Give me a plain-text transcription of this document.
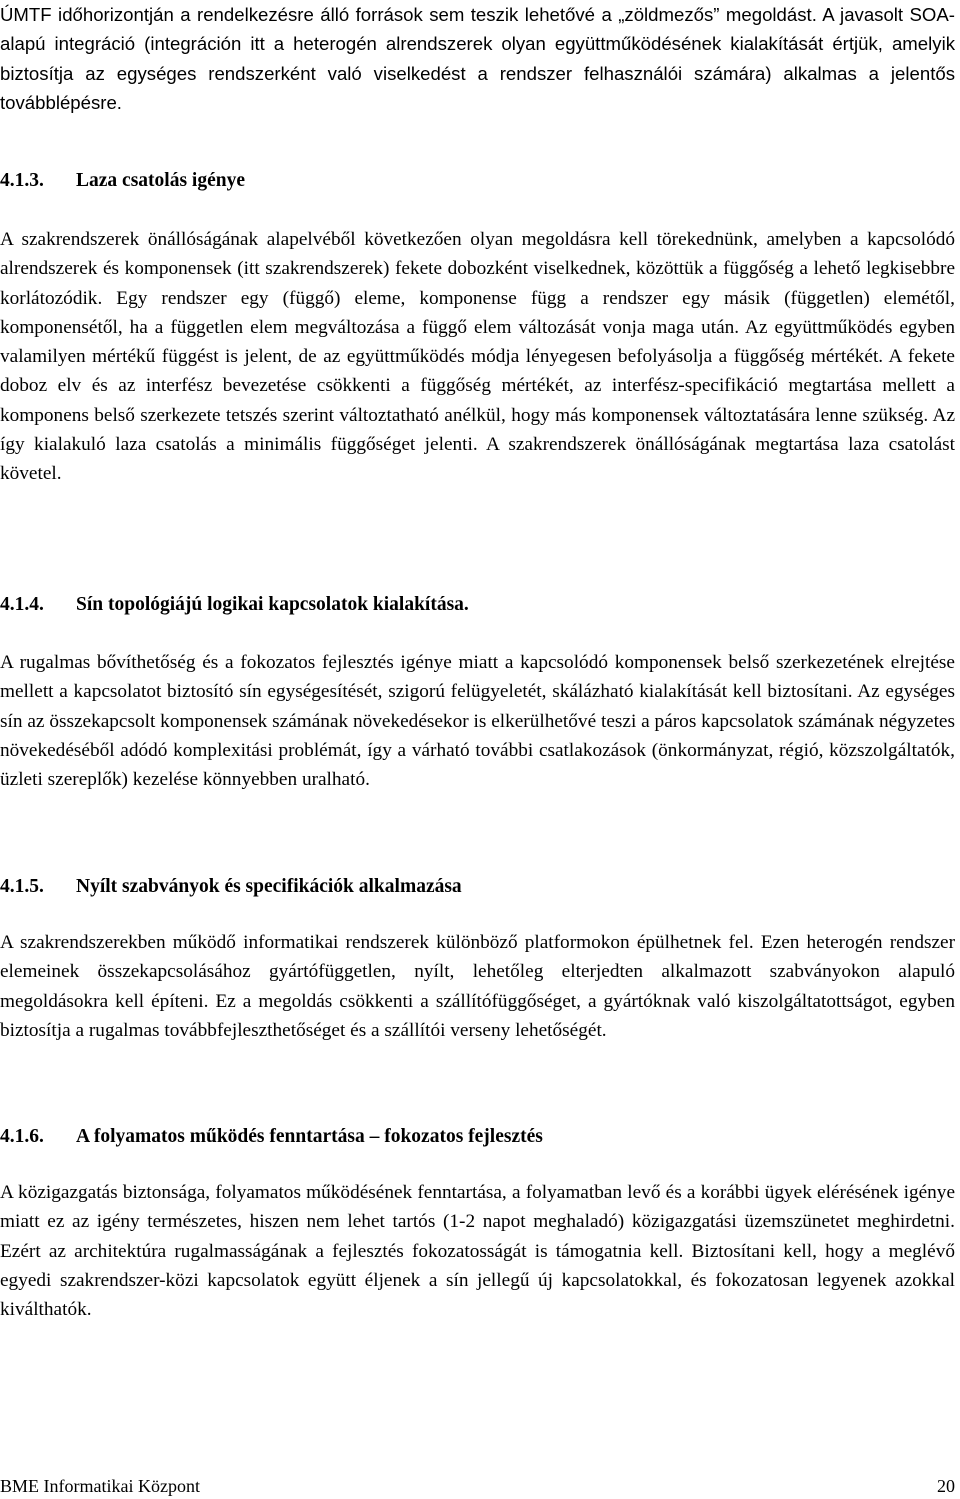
ÚMTF időhorizontján a rendelkezésre álló források sem teszik lehetővé a „zöldmezős” megoldást. A javasolt SOA-alapú integráció (integráción itt a heterogén alrendszerek olyan együttműködésének kialakítását értjük, amelyik biztosítja az egységes rendszerként való viselkedést a rendszer felhasználói számára) alkalmas a jelentős továbblépésre.

4.1.3. Laza csatolás igénye

A szakrendszerek önállóságának alapelvéből következően olyan megoldásra kell törekednünk, amelyben a kapcsolódó alrendszerek és komponensek (itt szakrendszerek) fekete dobozként viselkednek, közöttük a függőség a lehető legkisebbre korlátozódik. Egy rendszer egy (függő) eleme, komponense függ a rendszer egy másik (független) elemétől, komponensétől, ha a független elem megváltozása a függő elem változását vonja maga után. Az együttműködés egyben valamilyen mértékű függést is jelent, de az együttműködés módja lényegesen befolyásolja a függőség mértékét. A fekete doboz elv és az interfész bevezetése csökkenti a függőség mértékét, az interfész-specifikáció megtartása mellett a komponens belső szerkezete tetszés szerint változtatható anélkül, hogy más komponensek változtatására lenne szükség. Az így kialakuló laza csatolás a minimális függőséget jelenti. A szakrendszerek önállóságának megtartása laza csatolást követel.

4.1.4. Sín topológiájú logikai kapcsolatok kialakítása.

A rugalmas bővíthetőség és a fokozatos fejlesztés igénye miatt a kapcsolódó komponensek belső szerkezetének elrejtése mellett a kapcsolatot biztosító sín egységesítését, szigorú felügyeletét, skálázható kialakítását kell biztosítani. Az egységes sín az összekapcsolt komponensek számának növekedésekor is elkerülhetővé teszi a páros kapcsolatok számának négyzetes növekedéséből adódó komplexitási problémát, így a várható további csatlakozások (önkormányzat, régió, közszolgáltatók, üzleti szereplők) kezelése könnyebben uralható.

4.1.5. Nyílt szabványok és specifikációk alkalmazása

A szakrendszerekben működő informatikai rendszerek különböző platformokon épülhetnek fel. Ezen heterogén rendszer elemeinek összekapcsolásához gyártófüggetlen, nyílt, lehetőleg elterjedten alkalmazott szabványokon alapuló megoldásokra kell építeni. Ez a megoldás csökkenti a szállítófüggőséget, a gyártóknak való kiszolgáltatottságot, egyben biztosítja a rugalmas továbbfejleszthetőséget és a szállítói verseny lehetőségét.

4.1.6. A folyamatos működés fenntartása – fokozatos fejlesztés

A közigazgatás biztonsága, folyamatos működésének fenntartása, a folyamatban levő és a korábbi ügyek elérésének igénye miatt ez az igény természetes, hiszen nem lehet tartós (1-2 napot meghaladó) közigazgatási üzemszünetet meghirdetni. Ezért az architektúra rugalmasságának a fejlesztés fokozatosságát is támogatnia kell. Biztosítani kell, hogy a meglévő egyedi szakrendszer-közi kapcsolatok együtt éljenek a sín jellegű új kapcsolatokkal, és fokozatosan legyenek azokkal kiválthatók.

BME Informatikai Központ	20
